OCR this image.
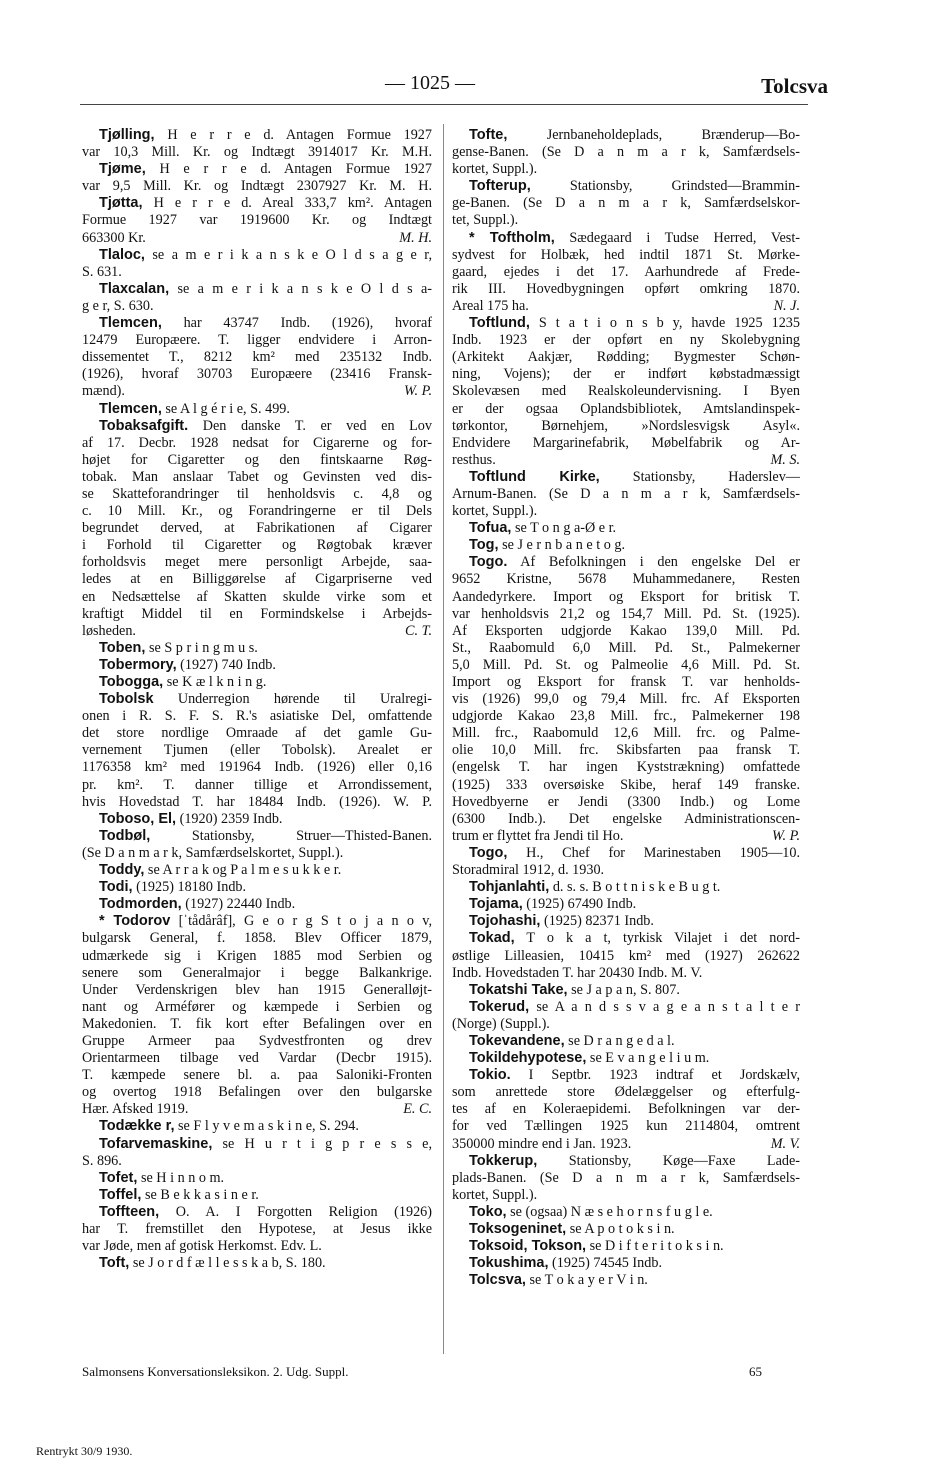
— 1025 —	Tolcsva
Tjølling, H e r r e d. Antagen Formue 1927
var 10,3 Mill. Kr. og Indtægt 3914017 Kr. M.H.
Tjøme, H e r r e d. Antagen Formue 1927
var 9,5 Mill. Kr. og Indtægt 2307927 Kr. M. H.
Tjøtta, H e r r e d. Areal 333,7 km². Antagen
Formue 1927 var 1919600 Kr. og Indtægt
663300 Kr.	M. H.
Tlaloc, se a m e r i k a n s k e O l d s a g e r,
S. 631.
Tlaxcalan, se a m e r i k a n s k e O l d s a-
g e r, S. 630.
Tlemcen, har 43747 Indb. (1926), hvoraf
12479 Europæere. T. ligger endvidere i Arron-
dissementet T., 8212 km² med 235132 Indb.
(1926), hvoraf 30703 Europæere (23416 Fransk-
mænd).	W. P.
Tlemcen, se A l g é r i e, S. 499.
Tobaksafgift. Den danske T. er ved en Lov
af 17. Decbr. 1928 nedsat for Cigarerne og for-
højet for Cigaretter og den fintskaarne Røg-
tobak. Man anslaar Tabet og Gevinsten ved dis-
se Skatteforandringer til henholdsvis c. 4,8 og
c. 10 Mill. Kr., og Forandringerne er til Dels
begrundet derved, at Fabrikationen af Cigarer
i Forhold til Cigaretter og Røgtobak kræver
forholdsvis meget mere personligt Arbejde, saa-
ledes at en Billiggørelse af Cigarpriserne ved
en Nedsættelse af Skatten skulde virke som et
kraftigt Middel til en Formindskelse i Arbejds-
løsheden.	C. T.
Toben, se S p r i n g m u s.
Tobermory, (1927) 740 Indb.
Tobogga, se K æ l k n i n g.
Tobolsk Underregion hørende til Uralregi-
onen i R. S. F. S. R.'s asiatiske Del, omfattende
det store nordlige Omraade af det gamle Gu-
vernement Tjumen (eller Tobolsk). Arealet er
1176358 km² med 191964 Indb. (1926) eller 0,16
pr. km². T. danner tillige et Arrondissement,
hvis Hovedstad T. har 18484 Indb. (1926). W. P.
Toboso, El, (1920) 2359 Indb.
Todbøl, Stationsby, Struer—Thisted-Banen.
(Se D a n m a r k, Samfærdselskortet, Suppl.).
Toddy, se A r r a k og P a l m e s u k k e r.
Todi, (1925) 18180 Indb.
Todmorden, (1927) 22440 Indb.
* Todorov [ˈtådårâf], G e o r g S t o j a n o v,
bulgarsk General, f. 1858. Blev Officer 1879,
udmærkede sig i Krigen 1885 mod Serbien og
senere som Generalmajor i begge Balkankrige.
Under Verdenskrigen blev han 1915 Generalløjt-
nant og Arméfører og kæmpede i Serbien og
Makedonien. T. fik kort efter Befalingen over en
Gruppe Armeer paa Sydvestfronten og drev
Orientarmeen tilbage ved Vardar (Decbr 1915).
T. kæmpede senere bl. a. paa Saloniki-Fronten
og overtog 1918 Befalingen over den bulgarske
Hær. Afsked 1919.	E. C.
Todække r, se F l y v e m a s k i n e, S. 294.
Tofarvemaskine, se H u r t i g p r e s s e,
S. 896.
Tofet, se H i n n o m.
Toffel, se B e k k a s i n e r.
Toffteen, O. A. I Forgotten Religion (1926)
har T. fremstillet den Hypotese, at Jesus ikke
var Jøde, men af gotisk Herkomst. Edv. L.
Toft, se J o r d f æ l l e s s k a b, S. 180.
Tofte, Jernbaneholdeplads, Brænderup—Bo-
gense-Banen. (Se D a n m a r k, Samfærdsels-
kortet, Suppl.).
Tofterup, Stationsby, Grindsted—Brammin-
ge-Banen. (Se D a n m a r k, Samfærdselskor-
tet, Suppl.).
* Toftholm, Sædegaard i Tudse Herred, Vest-
sydvest for Holbæk, hed indtil 1871 St. Mørke-
gaard, ejedes i det 17. Aarhundrede af Frede-
rik III. Hovedbygningen opført omkring 1870.
Areal 175 ha.	N. J.
Toftlund, S t a t i o n s b y, havde 1925 1235
Indb. 1923 er der opført en ny Skolebygning
(Arkitekt Aakjær, Rødding; Bygmester Schøn-
ning, Vojens); der er indført købstadmæssigt
Skolevæsen med Realskoleundervisning. I Byen
er der ogsaa Oplandsbibliotek, Amtslandinspek-
tørkontor, Børnehjem, »Nordslesvigsk Asyl«.
Endvidere Margarinefabrik, Møbelfabrik og Ar-
resthus.	M. S.
Toftlund Kirke, Stationsby, Haderslev—
Arnum-Banen. (Se D a n m a r k, Samfærdsels-
kortet, Suppl.).
Tofua, se T o n g a-Ø e r.
Tog, se J e r n b a n e t o g.
Togo. Af Befolkningen i den engelske Del er
9652 Kristne, 5678 Muhammedanere, Resten
Aandedyrkere. Import og Eksport for britisk T.
var henholdsvis 21,2 og 154,7 Mill. Pd. St. (1925).
Af Eksporten udgjorde Kakao 139,0 Mill. Pd.
St., Raabomuld 6,0 Mill. Pd. St., Palmekerner
5,0 Mill. Pd. St. og Palmeolie 4,6 Mill. Pd. St.
Import og Eksport for fransk T. var henholds-
vis (1926) 99,0 og 79,4 Mill. frc. Af Eksporten
udgjorde Kakao 23,8 Mill. frc., Palmekerner 198
Mill. frc., Raabomuld 12,6 Mill. frc. og Palme-
olie 10,0 Mill. frc. Skibsfarten paa fransk T.
(engelsk T. har ingen Kyststrækning) omfattede
(1925) 333 oversøiske Skibe, heraf 149 franske.
Hovedbyerne er Jendi (3300 Indb.) og Lome
(6300 Indb.). Det engelske Administrationscen-
trum er flyttet fra Jendi til Ho.	W. P.
Togo, H., Chef for Marinestaben 1905—10.
Storadmiral 1912, d. 1930.
Tohjanlahti, d. s. s. B o t t n i s k e B u g t.
Tojama, (1925) 67490 Indb.
Tojohashi, (1925) 82371 Indb.
Tokad, T o k a t, tyrkisk Vilajet i det nord-
østlige Lilleasien, 10415 km² med (1927) 262622
Indb. Hovedstaden T. har 20430 Indb. M. V.
Tokatshi Take, se J a p a n, S. 807.
Tokerud, se A a n d s s v a g e a n s t a l t e r
(Norge) (Suppl.).
Tokevandene, se D r a n g e d a l.
Tokildehypotese, se E v a n g e l i u m.
Tokio. I Septbr. 1923 indtraf et Jordskælv,
som anrettede store Ødelæggelser og efterfulg-
tes af en Koleraepidemi. Befolkningen var der-
for ved Tællingen 1925 kun 2114804, omtrent
350000 mindre end i Jan. 1923.	M. V.
Tokkerup, Stationsby, Køge—Faxe Lade-
plads-Banen. (Se D a n m a r k, Samfærdsels-
kortet, Suppl.).
Toko, se (ogsaa) N æ s e h o r n s f u g l e.
Toksogeninet, se A p o t o k s i n.
Toksoid, Tokson, se D i f t e r i t o k s i n.
Tokushima, (1925) 74545 Indb.
Tolcsva, se T o k a y e r V i n.
Salmonsens Konversationsleksikon. 2. Udg. Suppl.	65
Rentrykt 30/9 1930.
